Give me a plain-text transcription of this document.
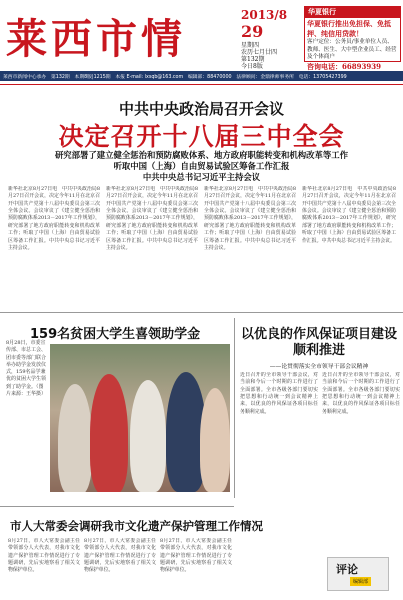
莱西市情	2013/8
29
星期四
农历七月廿四
第132期
今日8版
华夏银行
华夏银行推出免担保、免抵押、纯信用贷款！
客户定位：公务员/事业单位人员、教师、医生、大中型企业员工、经营及个体商户
咨询电话：66893939
莱西市新闻中心承办　第132期　本期8版|1215期　本报 E-mail: lxsqb@163.com　编辑部：88470000　法律顾问：金鼎律师事务所　电话：13705427399
中共中央政治局召开会议
决定召开十八届三中全会
研究部署了建立健全惩治和预防腐败体系、地方政府职能转变和机构改革等工作
听取中国（上海）自由贸易试验区筹备工作汇报
中共中央总书记习近平主持会议
新华社北京8月27日电　中共中央政治局8月27日召开会议，决定今年11月在北京召开中国共产党第十八届中央委员会第三次全体会议。会议审议了《建立健全惩治和预防腐败体系2013－2017年工作规划》，研究部署了地方政府职能转变和机构改革工作；听取了中国（上海）自由贸易试验区筹备工作汇报。中共中央总书记习近平主持会议。
新华社北京8月27日电　中共中央政治局8月27日召开会议，决定今年11月在北京召开中国共产党第十八届中央委员会第三次全体会议。会议审议了《建立健全惩治和预防腐败体系2013－2017年工作规划》，研究部署了地方政府职能转变和机构改革工作；听取了中国（上海）自由贸易试验区筹备工作汇报。中共中央总书记习近平主持会议。
新华社北京8月27日电　中共中央政治局8月27日召开会议，决定今年11月在北京召开中国共产党第十八届中央委员会第三次全体会议。会议审议了《建立健全惩治和预防腐败体系2013－2017年工作规划》，研究部署了地方政府职能转变和机构改革工作；听取了中国（上海）自由贸易试验区筹备工作汇报。中共中央总书记习近平主持会议。
新华社北京8月27日电　中共中央政治局8月27日召开会议，决定今年11月在北京召开中国共产党第十八届中央委员会第三次全体会议。会议审议了《建立健全惩治和预防腐败体系2013－2017年工作规划》，研究部署了地方政府职能转变和机构改革工作；听取了中国（上海）自由贸易试验区筹备工作汇报。中共中央总书记习近平主持会议。
159名贫困大学生喜领助学金
8月28日，市委宣传部、市总工会、团市委等部门联合举办助学金发放仪式，159名品学兼优的贫困大学生领到了助学金。（图片来源：王华摄）
以优良的作风保证项目建设顺利推进
——论贯彻落实全市领导干部会议精神
近日召开的全市领导干部会议，对当前和今后一个时期的工作进行了全面部署。全市各级各部门要切实把思想和行动统一到会议精神上来，以优良的作风保证各项目标任务顺利完成。
近日召开的全市领导干部会议，对当前和今后一个时期的工作进行了全面部署。全市各级各部门要切实把思想和行动统一到会议精神上来，以优良的作风保证各项目标任务顺利完成。
市人大常委会调研我市文化遗产保护管理工作情况
8月27日，市人大常委会副主任带领部分人大代表，对我市文化遗产保护管理工作情况进行了专题调研，先后实地察看了相关文物保护单位。
8月27日，市人大常委会副主任带领部分人大代表，对我市文化遗产保护管理工作情况进行了专题调研，先后实地察看了相关文物保护单位。
8月27日，市人大常委会副主任带领部分人大代表，对我市文化遗产保护管理工作情况进行了专题调研，先后实地察看了相关文物保护单位。	评论
编辑部
